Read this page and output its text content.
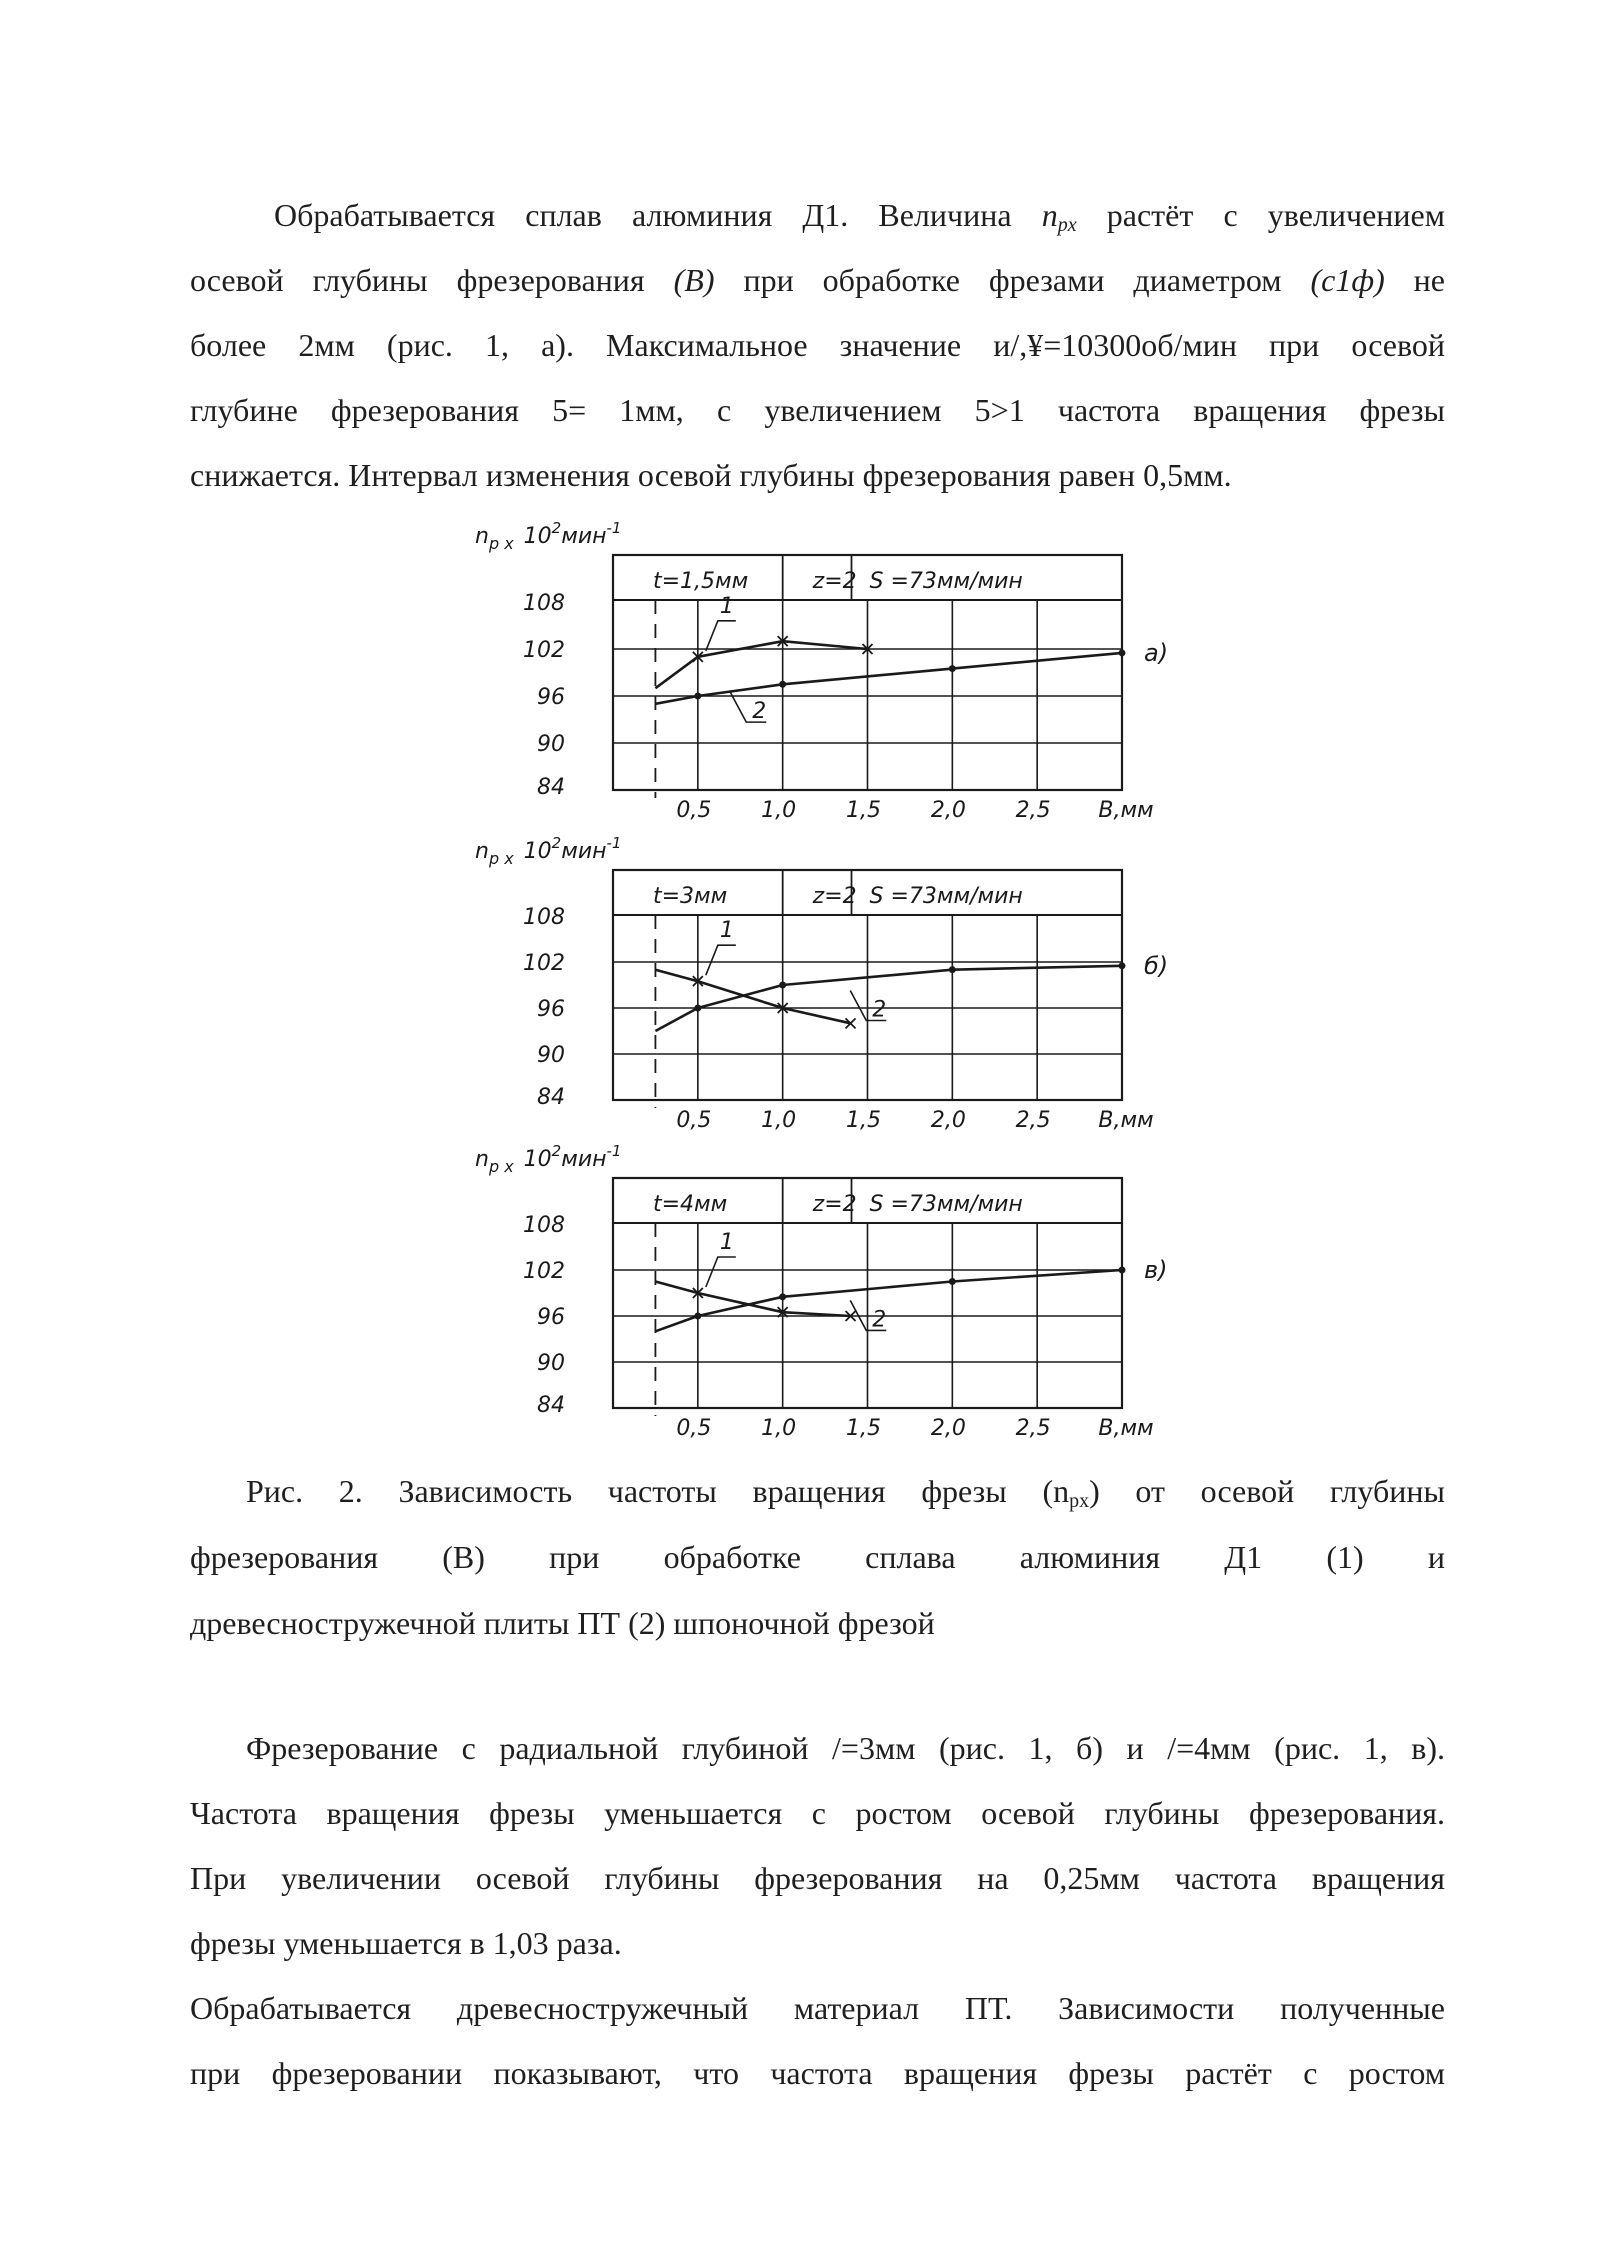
Обрабатывается сплав алюминия Д1. Величина $n_{px}$ растёт с увеличением
осевой глубины фрезерования (B) при обработке фрезами диаметром (c1ф) не
более 2мм (рис. 1, а). Максимальное значение и/,¥=10300об/мин при осевой
глубине фрезерования 5= 1мм, с увеличением 5>1 частота вращения фрезы
снижается. Интервал изменения осевой глубины фрезерования равен 0,5мм.

t=1,5мм	z=2 S =73мм/мин
84
90
96
102
108
0,5 1,0 1,5 2,0 2,5 B,мм
$n_{p x}$ $10^2мин^{-1}$
а)
1
2
t=3мм	z=2 S =73мм/мин
84
90
96
102
108
0,5 1,0 1,5 2,0 2,5 B,мм
$n_{p x}$ $10^2мин^{-1}$
б)
1
2
t=4мм	z=2 S =73мм/мин
84
90
96
102
108
0,5 1,0 1,5 2,0 2,5 B,мм
$n_{p x}$ $10^2мин^{-1}$
в)
1
2

Рис. 2. Зависимость частоты вращения фрезы $(n_{px})$ от осевой глубины
фрезерования (В) при обработке сплава алюминия Д1 (1) и
древесностружечной плиты ПТ (2) шпоночной фрезой

Фрезерование с радиальной глубиной /=3мм (рис. 1, б) и /=4мм (рис. 1, в).
Частота вращения фрезы уменьшается с ростом осевой глубины фрезерования.
При увеличении осевой глубины фрезерования на 0,25мм частота вращения
фрезы уменьшается в 1,03 раза.

Обрабатывается древесностружечный материал ПТ. Зависимости полученные
при фрезеровании показывают, что частота вращения фрезы растёт с ростом
